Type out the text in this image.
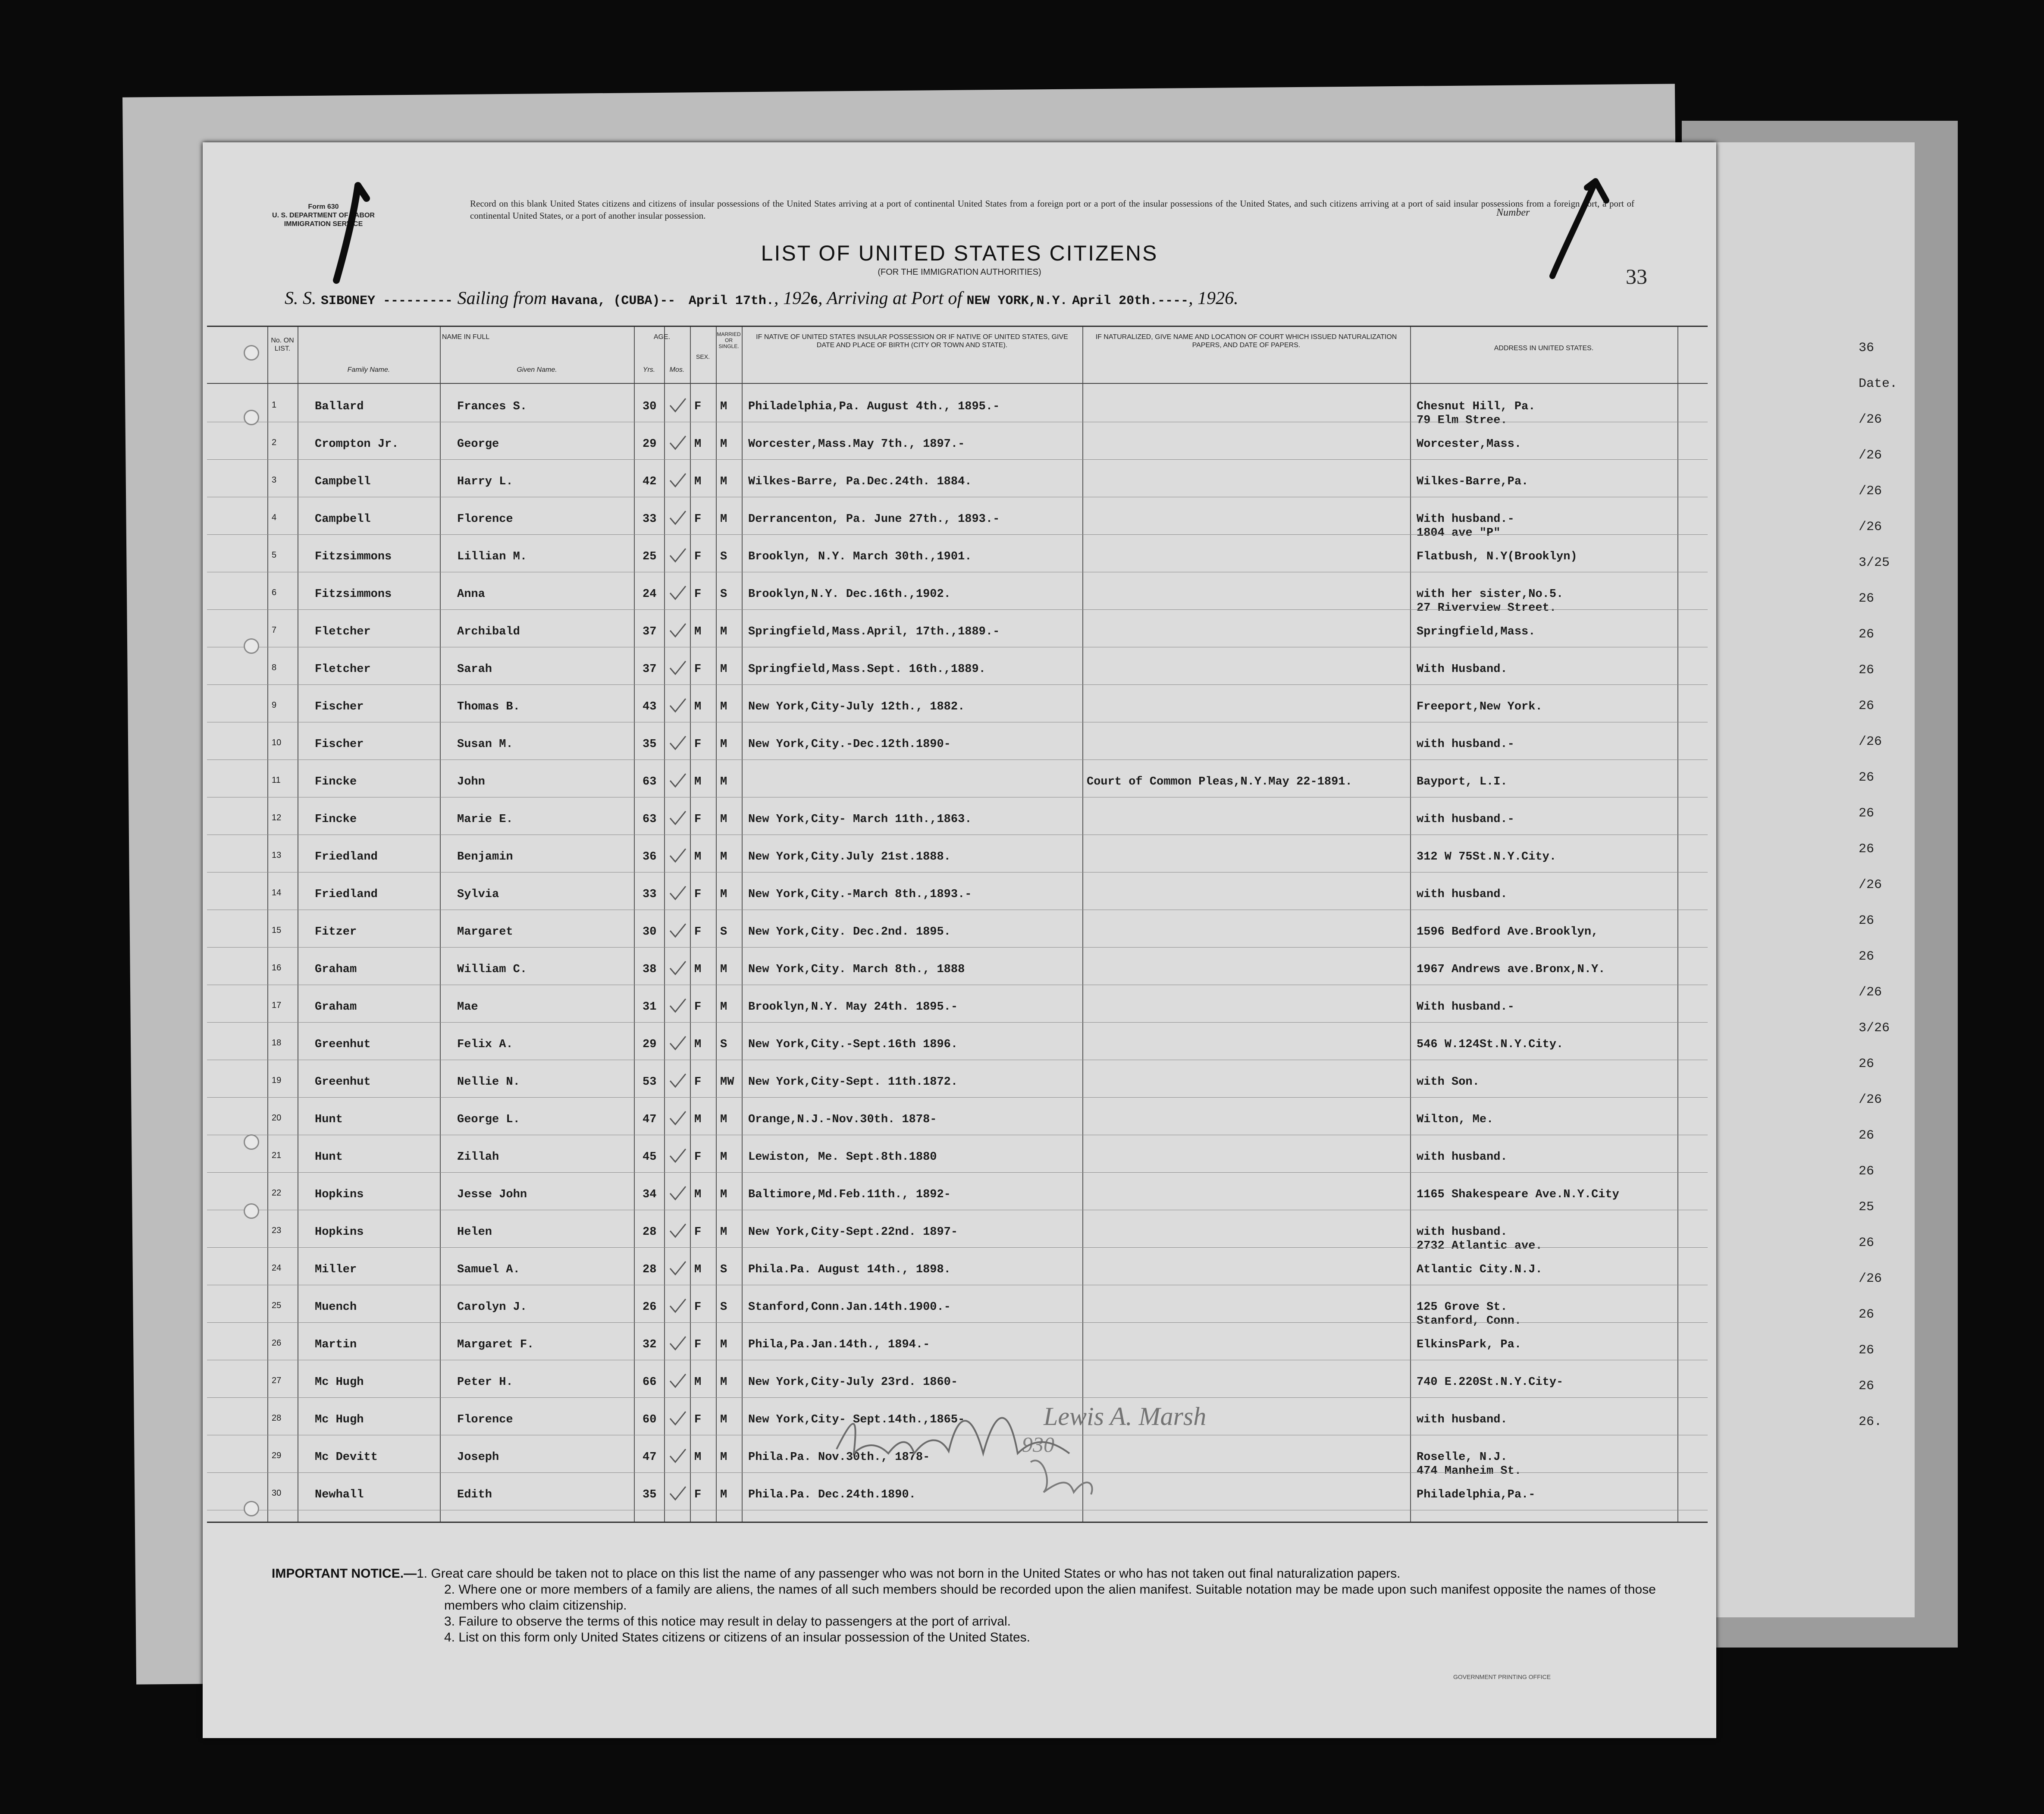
36
Date.
/26
/26
/26
/26
3/25
26
26
26
26
/26
26
26
26
/26
26
26
/26
3/26
26
/26
26
26
25
26
/26
26
26
26
26.
Form 630
U. S. DEPARTMENT OF LABOR
IMMIGRATION SERVICE
Record on this blank United States citizens and citizens of insular possessions of the United States arriving at a port of continental United States from a foreign port or a port of the insular possessions of the United States, and such citizens arriving at a port of said insular possessions from a foreign port, a port of continental United States, or a port of another insular possession.	Number
LIST OF UNITED STATES CITIZENS
(FOR THE IMMIGRATION AUTHORITIES)	33
S. S. SIBONEY --------- Sailing from Havana, (CUBA)-- April 17th., 1926, Arriving at Port of NEW YORK,N.Y. April 20th.----, 1926.
No. ON LIST.
NAME IN FULL
Family Name.	Given Name.
AGE.
Yrs.	Mos.
SEX.
MARRIED OR SINGLE.
IF NATIVE OF UNITED STATES INSULAR POSSESSION OR IF NATIVE OF UNITED STATES, GIVE DATE AND PLACE OF BIRTH (CITY OR TOWN AND STATE).
IF NATURALIZED, GIVE NAME AND LOCATION OF COURT WHICH ISSUED NATURALIZATION PAPERS, AND DATE OF PAPERS.	ADDRESS IN UNITED STATES.
1	Ballard	Frances S.	30	F M Philadelphia,Pa. August 4th., 1895.-	Chesnut Hill, Pa.
79 Elm Stree.
2	Crompton Jr.	George	29	M M Worcester,Mass.May 7th., 1897.-	Worcester,Mass.
3	Campbell	Harry L.	42	M M Wilkes-Barre, Pa.Dec.24th. 1884.	Wilkes-Barre,Pa.
4	Campbell	Florence	33	F M Derrancenton, Pa. June 27th., 1893.-	With husband.-
1804 ave "P"
5	Fitzsimmons	Lillian M.	25	F S Brooklyn, N.Y. March 30th.,1901.	Flatbush, N.Y(Brooklyn)
6	Fitzsimmons	Anna	24	F S Brooklyn,N.Y. Dec.16th.,1902.	with her sister,No.5.
27 Riverview Street.
7	Fletcher	Archibald	37	M M Springfield,Mass.April, 17th.,1889.-	Springfield,Mass.
8	Fletcher	Sarah	37	F M Springfield,Mass.Sept. 16th.,1889.	With Husband.
9	Fischer	Thomas B.	43	M M New York,City-July 12th., 1882.	Freeport,New York.
10	Fischer	Susan M.	35	F M New York,City.-Dec.12th.1890-	with husband.-
11	Fincke	John	63	M M	Court of Common Pleas,N.Y.May 22-1891.	Bayport, L.I.
12	Fincke	Marie E.	63	F M New York,City- March 11th.,1863.	with husband.-
13	Friedland	Benjamin	36	M M New York,City.July 21st.1888.	312 W 75St.N.Y.City.
14	Friedland	Sylvia	33	F M New York,City.-March 8th.,1893.-	with husband.
15	Fitzer	Margaret	30	F S New York,City. Dec.2nd. 1895.	1596 Bedford Ave.Brooklyn,
16	Graham	William C.	38	M M New York,City. March 8th., 1888	1967 Andrews ave.Bronx,N.Y.
17	Graham	Mae	31	F M Brooklyn,N.Y. May 24th. 1895.-	With husband.-
18	Greenhut	Felix A.	29	M S New York,City.-Sept.16th 1896.	546 W.124St.N.Y.City.
19	Greenhut	Nellie N.	53	F MW New York,City-Sept. 11th.1872.	with Son.
20	Hunt	George L.	47	M M Orange,N.J.-Nov.30th. 1878-	Wilton, Me.
21	Hunt	Zillah	45	F M Lewiston, Me. Sept.8th.1880	with husband.
22	Hopkins	Jesse John	34	M M Baltimore,Md.Feb.11th., 1892-	1165 Shakespeare Ave.N.Y.City
23	Hopkins	Helen	28	F M New York,City-Sept.22nd. 1897-	with husband.
2732 Atlantic ave.
24	Miller	Samuel A.	28	M S Phila.Pa. August 14th., 1898.	Atlantic City.N.J.
25	Muench	Carolyn J.	26	F S Stanford,Conn.Jan.14th.1900.-	125 Grove St.
Stanford, Conn.
26	Martin	Margaret F.	32	F M Phila,Pa.Jan.14th., 1894.-	ElkinsPark, Pa.
27	Mc Hugh	Peter H.	66	M M New York,City-July 23rd. 1860-	740 E.220St.N.Y.City-
28	Mc Hugh	Florence	60	F M New York,City- Sept.14th.,1865-	with husband.
29	Mc Devitt	Joseph	47	M M Phila.Pa. Nov.30th., 1878-	Roselle, N.J.
474 Manheim St.
30	Newhall	Edith	35	F M Phila.Pa. Dec.24th.1890.	Philadelphia,Pa.-
Lewis A. Marsh
930
IMPORTANT NOTICE.—1. Great care should be taken not to place on this list the name of any passenger who was not born in the United States or who has not taken out final naturalization papers.
2. Where one or more members of a family are aliens, the names of all such members should be recorded upon the alien manifest. Suitable notation may be made upon such manifest opposite the names of those members who claim citizenship.
3. Failure to observe the terms of this notice may result in delay to passengers at the port of arrival.
4. List on this form only United States citizens or citizens of an insular possession of the United States.
GOVERNMENT PRINTING OFFICE
